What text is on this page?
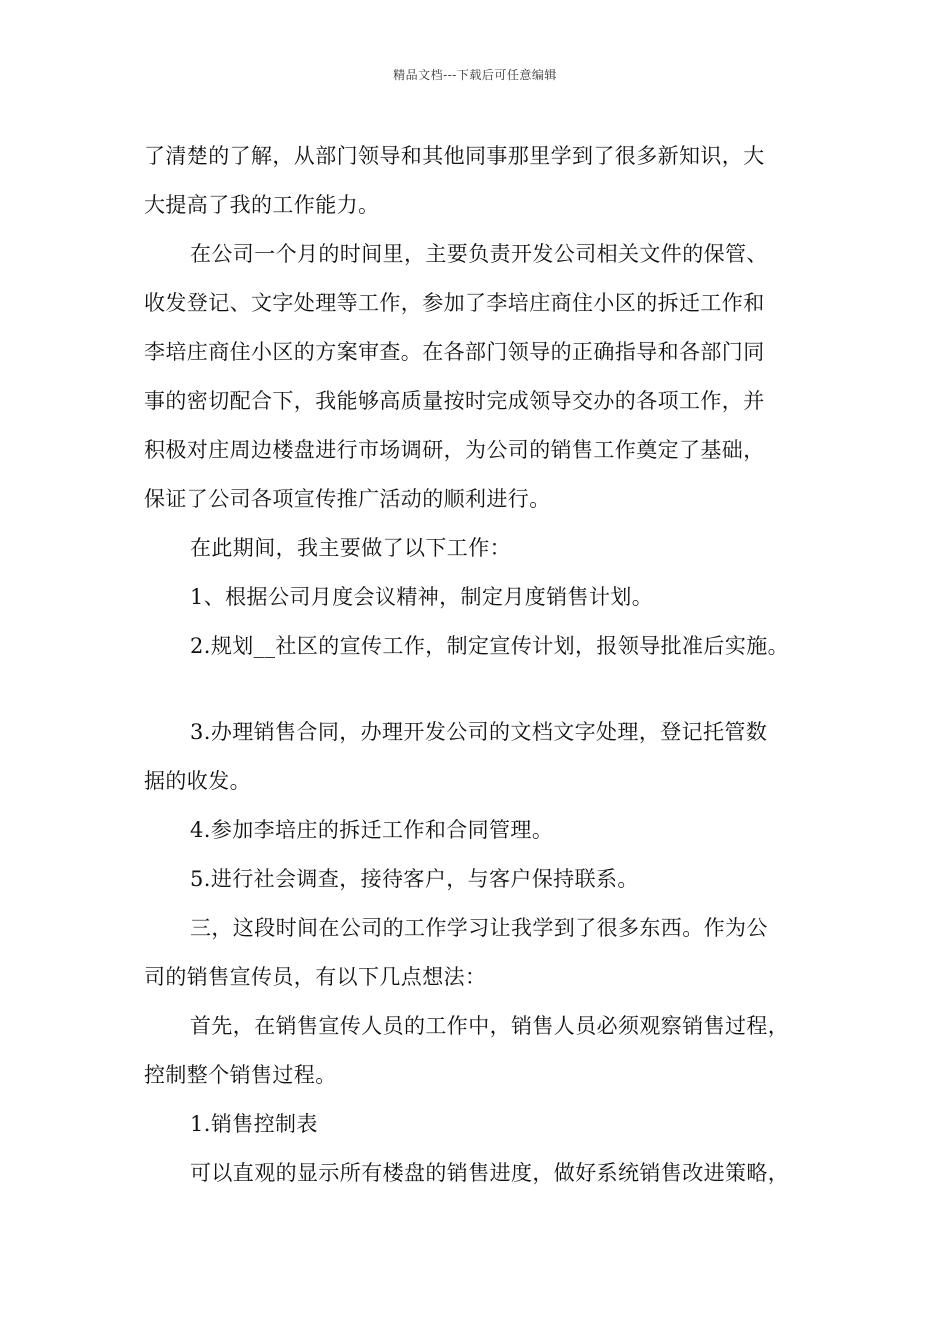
精品文档---下载后可任意编辑
了清楚的了解，从部门领导和其他同事那里学到了很多新知识，大
大提高了我的工作能力。
在公司一个月的时间里，主要负责开发公司相关文件的保管、
收发登记、文字处理等工作，参加了李培庄商住小区的拆迁工作和
李培庄商住小区的方案审查。在各部门领导的正确指导和各部门同
事的密切配合下，我能够高质量按时完成领导交办的各项工作，并
积极对庄周边楼盘进行市场调研，为公司的销售工作奠定了基础，
保证了公司各项宣传推广活动的顺利进行。
在此期间，我主要做了以下工作：
1、根据公司月度会议精神，制定月度销售计划。
2.规划__社区的宣传工作，制定宣传计划，报领导批准后实施。
3.办理销售合同，办理开发公司的文档文字处理，登记托管数
据的收发。
4.参加李培庄的拆迁工作和合同管理。
5.进行社会调查，接待客户，与客户保持联系。
三，这段时间在公司的工作学习让我学到了很多东西。作为公
司的销售宣传员，有以下几点想法：
首先，在销售宣传人员的工作中，销售人员必须观察销售过程，
控制整个销售过程。
1.销售控制表
可以直观的显示所有楼盘的销售进度，做好系统销售改进策略，
